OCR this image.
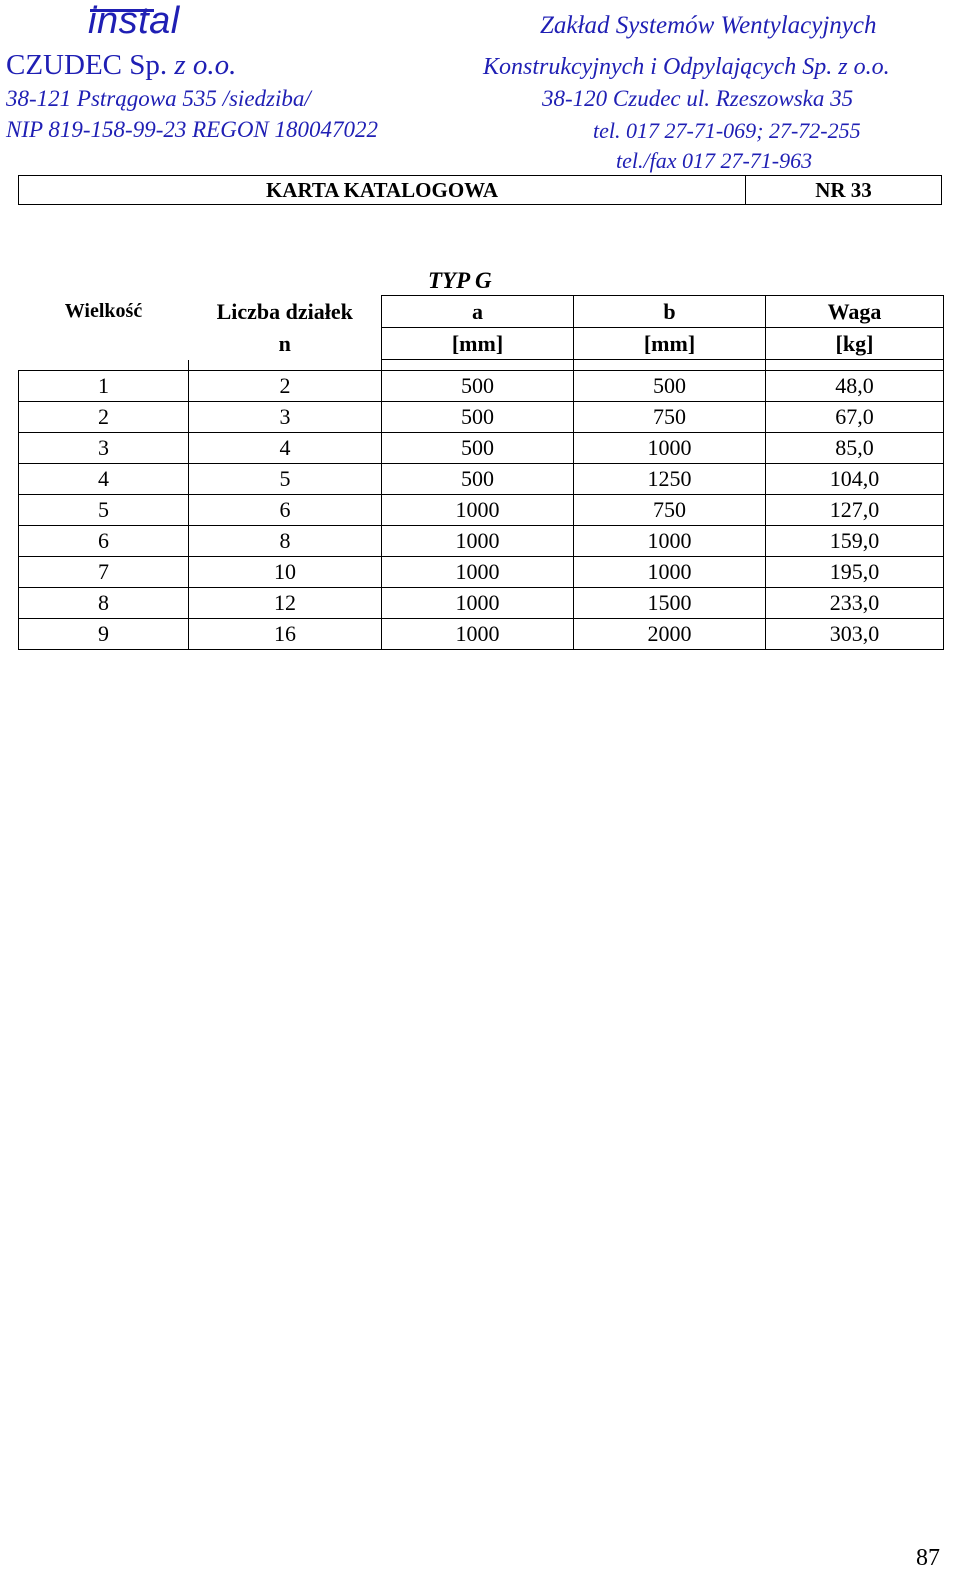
instal
CZUDEC Sp. z o.o.
38-121 Pstrągowa 535 /siedziba/
NIP 819-158-99-23 REGON 180047022
Zakład Systemów Wentylacyjnych
Konstrukcyjnych i Odpylających Sp. z o.o.
38-120 Czudec ul. Rzeszowska 35
tel. 017 27-71-069; 27-72-255
tel./fax 017 27-71-963
KARTA KATALOGOWA	NR 33
TYP G
Wielkość	Liczba działek	a	b	Waga
	n	[mm]	[mm]	[kg]

1	2	500	500	48,0
2	3	500	750	67,0
3	4	500	1000	85,0
4	5	500	1250	104,0
5	6	1000	750	127,0
6	8	1000	1000	159,0
7	10	1000	1000	195,0
8	12	1000	1500	233,0
9	16	1000	2000	303,0
87
